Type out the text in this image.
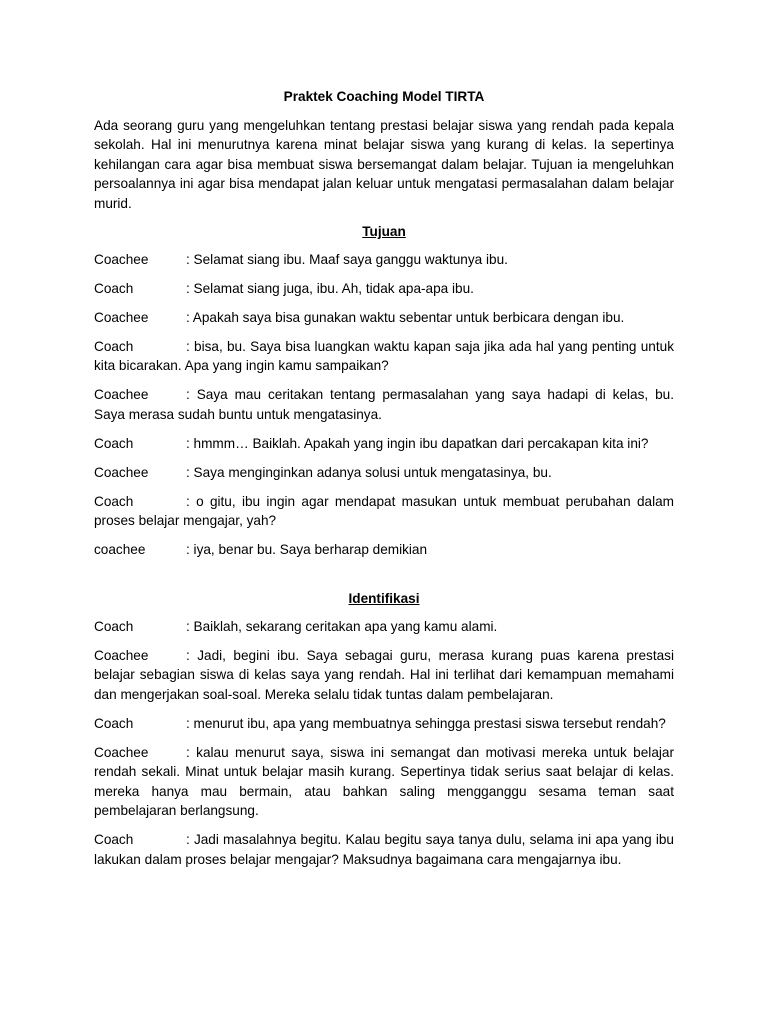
Praktek Coaching Model TIRTA
Ada seorang guru yang mengeluhkan tentang prestasi belajar siswa yang rendah pada kepala sekolah. Hal ini menurutnya karena minat belajar siswa yang kurang di kelas. Ia sepertinya kehilangan cara agar bisa membuat siswa bersemangat dalam belajar. Tujuan ia mengeluhkan persoalannya ini agar bisa mendapat jalan keluar untuk mengatasi permasalahan dalam belajar murid.
Tujuan
Coachee	: Selamat siang ibu. Maaf saya ganggu waktunya ibu.
Coach	: Selamat siang juga, ibu. Ah, tidak apa-apa ibu.
Coachee	: Apakah saya bisa gunakan waktu sebentar untuk berbicara dengan ibu.
Coach	: bisa, bu. Saya bisa luangkan waktu kapan saja jika ada hal yang penting untuk kita bicarakan. Apa yang ingin kamu sampaikan?
Coachee	: Saya mau ceritakan tentang permasalahan yang saya hadapi di kelas, bu. Saya merasa sudah buntu untuk mengatasinya.
Coach	: hmmm… Baiklah. Apakah yang ingin ibu dapatkan dari percakapan kita ini?
Coachee	: Saya menginginkan adanya solusi untuk mengatasinya, bu.
Coach	: o gitu, ibu ingin agar mendapat masukan untuk membuat perubahan dalam proses belajar mengajar, yah?
coachee	: iya, benar bu. Saya berharap demikian
Identifikasi
Coach	: Baiklah, sekarang ceritakan apa yang kamu alami.
Coachee	: Jadi, begini ibu. Saya sebagai guru, merasa kurang puas karena prestasi belajar sebagian siswa di kelas saya yang rendah. Hal ini terlihat dari kemampuan memahami dan mengerjakan soal-soal. Mereka selalu tidak tuntas dalam pembelajaran.
Coach	: menurut ibu, apa yang membuatnya sehingga prestasi siswa tersebut rendah?
Coachee	: kalau menurut saya, siswa ini semangat dan motivasi mereka untuk belajar rendah sekali. Minat untuk belajar masih kurang. Sepertinya tidak serius saat belajar di kelas. mereka hanya mau bermain, atau bahkan saling mengganggu sesama teman saat pembelajaran berlangsung.
Coach	: Jadi masalahnya begitu. Kalau begitu saya tanya dulu, selama ini apa yang ibu lakukan dalam proses belajar mengajar? Maksudnya bagaimana cara mengajarnya ibu.
